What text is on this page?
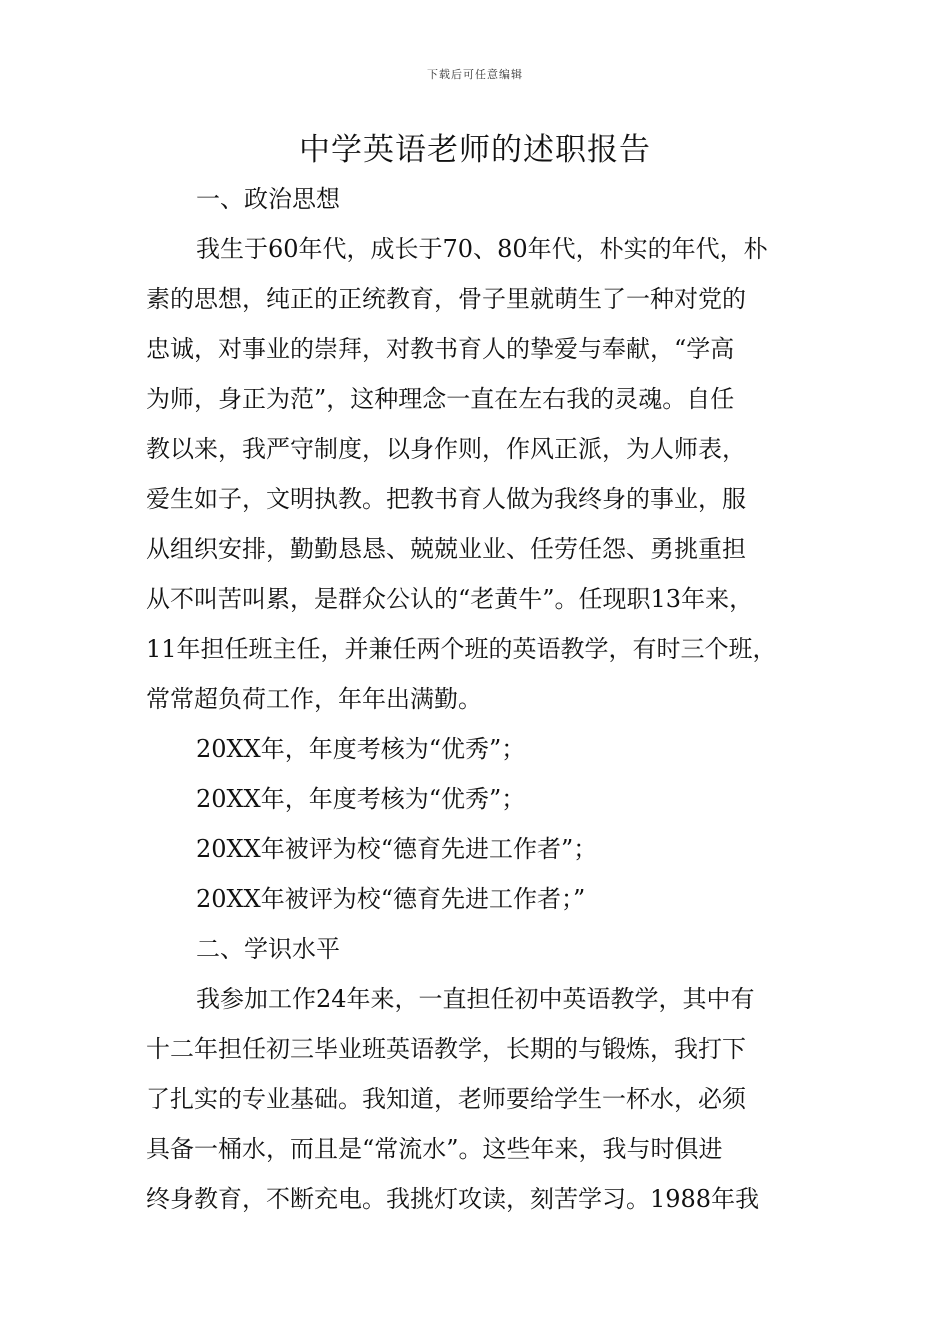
下载后可任意编辑
中学英语老师的述职报告
一、政治思想
我生于60年代，成长于70、80年代，朴实的年代，朴
素的思想，纯正的正统教育，骨子里就萌生了一种对党的
忠诚，对事业的崇拜，对教书育人的挚爱与奉献，“学高
为师，身正为范”，这种理念一直在左右我的灵魂。自任
教以来，我严守制度，以身作则，作风正派，为人师表，
爱生如子，文明执教。把教书育人做为我终身的事业，服
从组织安排，勤勤恳恳、兢兢业业、任劳任怨、勇挑重担
从不叫苦叫累，是群众公认的“老黄牛”。任现职13年来，
11年担任班主任，并兼任两个班的英语教学，有时三个班，
常常超负荷工作，年年出满勤。
20XX年，年度考核为“优秀”；
20XX年，年度考核为“优秀”；
20XX年被评为校“德育先进工作者”；
20XX年被评为校“德育先进工作者；”
二、学识水平
我参加工作24年来，一直担任初中英语教学，其中有
十二年担任初三毕业班英语教学，长期的与锻炼，我打下
了扎实的专业基础。我知道，老师要给学生一杯水，必须
具备一桶水，而且是“常流水”。这些年来，我与时俱进
终身教育，不断充电。我挑灯攻读，刻苦学习。1988年我
